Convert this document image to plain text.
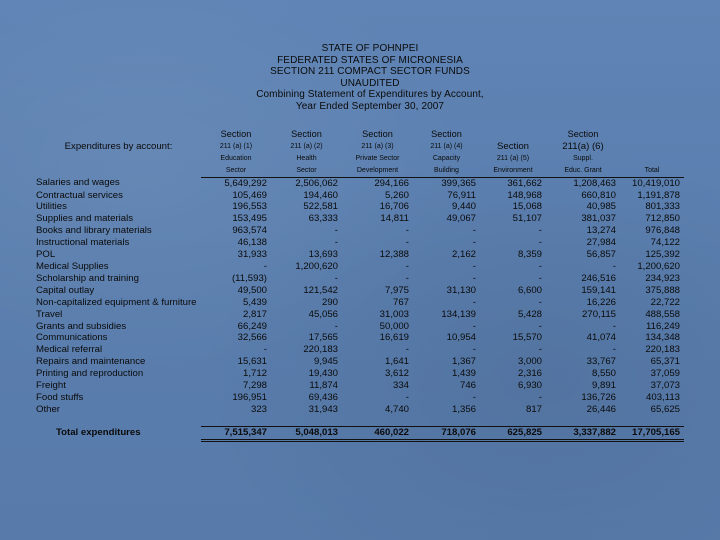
STATE OF POHNPEI
FEDERATED STATES OF MICRONESIA
SECTION 211 COMPACT SECTOR FUNDS
UNAUDITED
Combining Statement of Expenditures by Account,
Year Ended September 30, 2007
	Section	Section	Section	Section		Section	
Expenditures by account:	211 (a) (1)	211 (a) (2)	211 (a) (3)	211 (a) (4)	Section	211(a) (6)	
	Education	Health	Private Sector	Capacity	211 (a) (5)	Suppl.	
	Sector	Sector	Development	Building	Environment	Educ. Grant	Total
Salaries and wages	5,649,292	2,506,062	294,166	399,365	361,662	1,208,463	10,419,010
Contractual services	105,469	194,460	5,260	76,911	148,968	660,810	1,191,878
Utilities	196,553	522,581	16,706	9,440	15,068	40,985	801,333
Supplies and materials	153,495	63,333	14,811	49,067	51,107	381,037	712,850
Books and library materials	963,574	-	-	-	-	13,274	976,848
Instructional materials	46,138	-	-	-	-	27,984	74,122
POL	31,933	13,693	12,388	2,162	8,359	56,857	125,392
Medical Supplies	-	1,200,620	-	-	-	-	1,200,620
Scholarship and training	(11,593)	-	-	-	-	246,516	234,923
Capital outlay	49,500	121,542	7,975	31,130	6,600	159,141	375,888
Non-capitalized equipment & furniture	5,439	290	767	-	-	16,226	22,722
Travel	2,817	45,056	31,003	134,139	5,428	270,115	488,558
Grants and subsidies	66,249	-	50,000	-	-	-	116,249
Communications	32,566	17,565	16,619	10,954	15,570	41,074	134,348
Medical referral	-	220,183	-	-	-	-	220,183
Repairs and maintenance	15,631	9,945	1,641	1,367	3,000	33,767	65,371
Printing and reproduction	1,712	19,430	3,612	1,439	2,316	8,550	37,059
Freight	7,298	11,874	334	746	6,930	9,891	37,073
Food stuffs	196,951	69,436	-	-	-	136,726	403,113
Other	323	31,943	4,740	1,356	817	26,446	65,625

Total expenditures	7,515,347	5,048,013	460,022	718,076	625,825	3,337,882	17,705,165
